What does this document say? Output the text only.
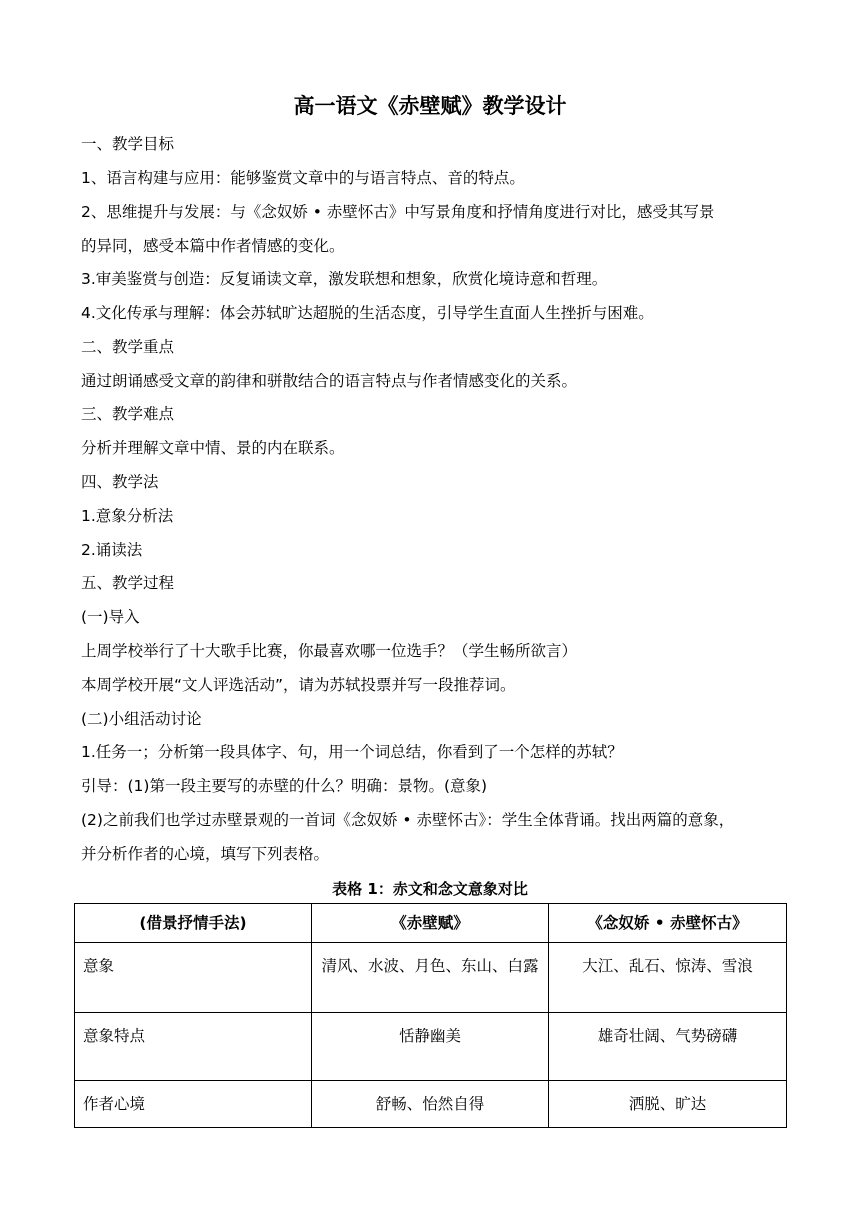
高一语文《赤壁赋》教学设计
一、教学目标
1、语言构建与应用：能够鉴赏文章中的与语言特点、音的特点。
2、思维提升与发展：与《念奴娇 • 赤壁怀古》中写景角度和抒情角度进行对比，感受其写景
的异同，感受本篇中作者情感的变化。
3.审美鉴赏与创造：反复诵读文章，激发联想和想象，欣赏化境诗意和哲理。
4.文化传承与理解：体会苏轼旷达超脱的生活态度，引导学生直面人生挫折与困难。
二、教学重点
通过朗诵感受文章的韵律和骈散结合的语言特点与作者情感变化的关系。
三、教学难点
分析并理解文章中情、景的内在联系。
四、教学法
1.意象分析法
2.诵读法
五、教学过程
(一)导入
上周学校举行了十大歌手比赛，你最喜欢哪一位选手？（学生畅所欲言）
本周学校开展“文人评选活动”，请为苏轼投票并写一段推荐词。
(二)小组活动讨论
1.任务一；分析第一段具体字、句，用一个词总结，你看到了一个怎样的苏轼？
引导：(1)第一段主要写的赤壁的什么？明确：景物。(意象)
(2)之前我们也学过赤壁景观的一首词《念奴娇 • 赤壁怀古》：学生全体背诵。找出两篇的意象，
并分析作者的心境，填写下列表格。
表格 1：赤文和念文意象对比
(借景抒情手法)	《赤壁赋》	《念奴娇 • 赤壁怀古》
意象	清风、水波、月色、东山、白露	大江、乱石、惊涛、雪浪
意象特点	恬静幽美	雄奇壮阔、气势磅礴
作者心境	舒畅、怡然自得	洒脱、旷达
